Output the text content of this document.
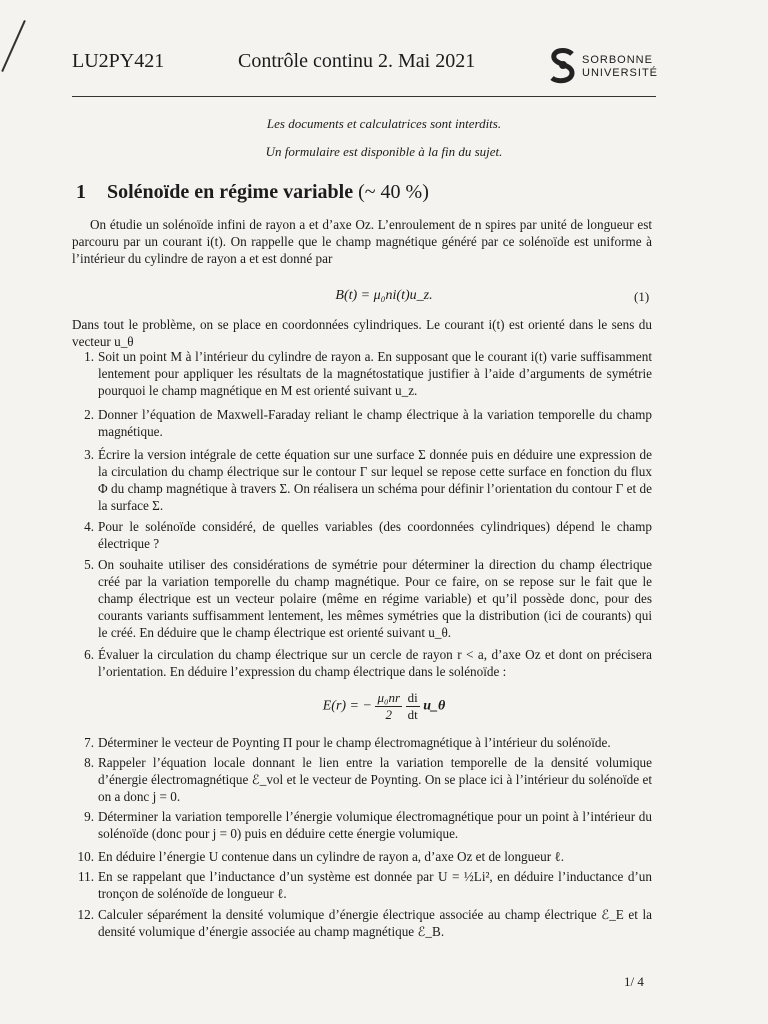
LU2PY421	Contrôle continu 2. Mai 2021	SORBONNE
UNIVERSITÉ
Les documents et calculatrices sont interdits.
Un formulaire est disponible à la fin du sujet.
1 Solénoïde en régime variable (~ 40 %)
On étudie un solénoïde infini de rayon a et d’axe Oz. L’enroulement de n spires par unité de longueur est parcouru par un courant i(t). On rappelle que le champ magnétique généré par ce solénoïde est uniforme à l’intérieur du cylindre de rayon a et est donné par
B(t) = μ₀ni(t)u_z.	(1)
Dans tout le problème, on se place en coordonnées cylindriques. Le courant i(t) est orienté dans le sens du vecteur u_θ
1. Soit un point M à l’intérieur du cylindre de rayon a. En supposant que le courant i(t) varie suffisamment lentement pour appliquer les résultats de la magnétostatique justifier à l’aide d’arguments de symétrie pourquoi le champ magnétique en M est orienté suivant u_z.
2. Donner l’équation de Maxwell-Faraday reliant le champ électrique à la variation temporelle du champ magnétique.
3. Écrire la version intégrale de cette équation sur une surface Σ donnée puis en déduire une expression de la circulation du champ électrique sur le contour Γ sur lequel se repose cette surface en fonction du flux Φ du champ magnétique à travers Σ. On réalisera un schéma pour définir l’orientation du contour Γ et de la surface Σ.
4. Pour le solénoïde considéré, de quelles variables (des coordonnées cylindriques) dépend le champ électrique ?
5. On souhaite utiliser des considérations de symétrie pour déterminer la direction du champ électrique créé par la variation temporelle du champ magnétique. Pour ce faire, on se repose sur le fait que le champ électrique est un vecteur polaire (même en régime variable) et qu’il possède donc, pour des courants variants suffisamment lentement, les mêmes symétries que la distribution (ici de courants) qui le créé. En déduire que le champ électrique est orienté suivant u_θ.
6. Évaluer la circulation du champ électrique sur un cercle de rayon r < a, d’axe Oz et dont on précisera l’orientation. En déduire l’expression du champ électrique dans le solénoïde :
E(r) = − $\frac{\text{μ₀nr}}{2}$
$\frac{di}{dt}$ u_θ
7. Déterminer le vecteur de Poynting Π pour le champ électromagnétique à l’intérieur du solénoïde.
8. Rappeler l’équation locale donnant le lien entre la variation temporelle de la densité volumique d’énergie électromagnétique ℰ_vol et le vecteur de Poynting. On se place ici à l’intérieur du solénoïde et on a donc j = 0.
9. Déterminer la variation temporelle l’énergie volumique électromagnétique pour un point à l’intérieur du solénoïde (donc pour j = 0) puis en déduire cette énergie volumique.
10. En déduire l’énergie U contenue dans un cylindre de rayon a, d’axe Oz et de longueur ℓ.
11. En se rappelant que l’inductance d’un système est donnée par U = ½Li², en déduire l’inductance d’un tronçon de solénoïde de longueur ℓ.
12. Calculer séparément la densité volumique d’énergie électrique associée au champ électrique ℰ_E et la densité volumique d’énergie associée au champ magnétique ℰ_B.
1/ 4
